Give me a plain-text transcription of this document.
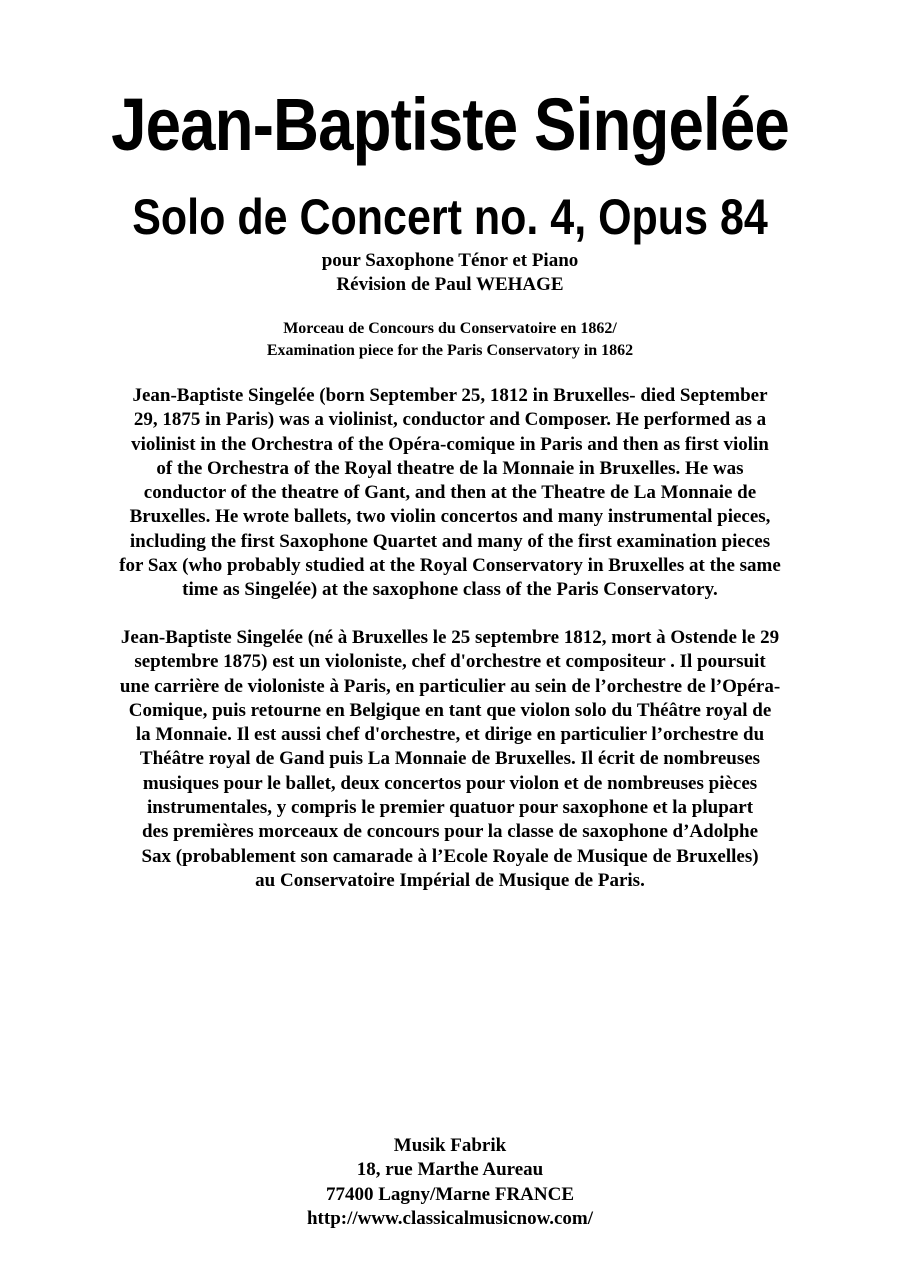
Jean-Baptiste Singelée
Solo de Concert no. 4, Opus 84
pour Saxophone Ténor et Piano
Révision de Paul WEHAGE
Morceau de Concours du Conservatoire en 1862/
Examination piece for the Paris Conservatory in 1862
Jean-Baptiste Singelée (born September 25, 1812 in Bruxelles- died September
29, 1875 in Paris) was a violinist, conductor and Composer. He performed as a
violinist in the Orchestra of the Opéra-comique in Paris and then as first violin
of the Orchestra of the Royal theatre de la Monnaie in Bruxelles. He was
conductor of the theatre of Gant, and then at the Theatre de La Monnaie de
Bruxelles. He wrote ballets, two violin concertos and many instrumental pieces,
including the first Saxophone Quartet and many of the first examination pieces
for Sax (who probably studied at the Royal Conservatory in Bruxelles at the same
time as Singelée) at the saxophone class of the Paris Conservatory.
Jean-Baptiste Singelée (né à Bruxelles le 25 septembre 1812, mort à Ostende le 29
septembre 1875) est un violoniste, chef d'orchestre et compositeur . Il poursuit
une carrière de violoniste à Paris, en particulier au sein de l’orchestre de l’Opéra-
Comique, puis retourne en Belgique en tant que violon solo du Théâtre royal de
la Monnaie. Il est aussi chef d'orchestre, et dirige en particulier l’orchestre du
Théâtre royal de Gand puis La Monnaie de Bruxelles. Il écrit de nombreuses
musiques pour le ballet, deux concertos pour violon et de nombreuses pièces
instrumentales, y compris le premier quatuor pour saxophone et la plupart
des premières morceaux de concours pour la classe de saxophone d’Adolphe
Sax (probablement son camarade à l’Ecole Royale de Musique de Bruxelles)
au Conservatoire Impérial de Musique de Paris.
Musik Fabrik
18, rue Marthe Aureau
77400 Lagny/Marne FRANCE
http://www.classicalmusicnow.com/
